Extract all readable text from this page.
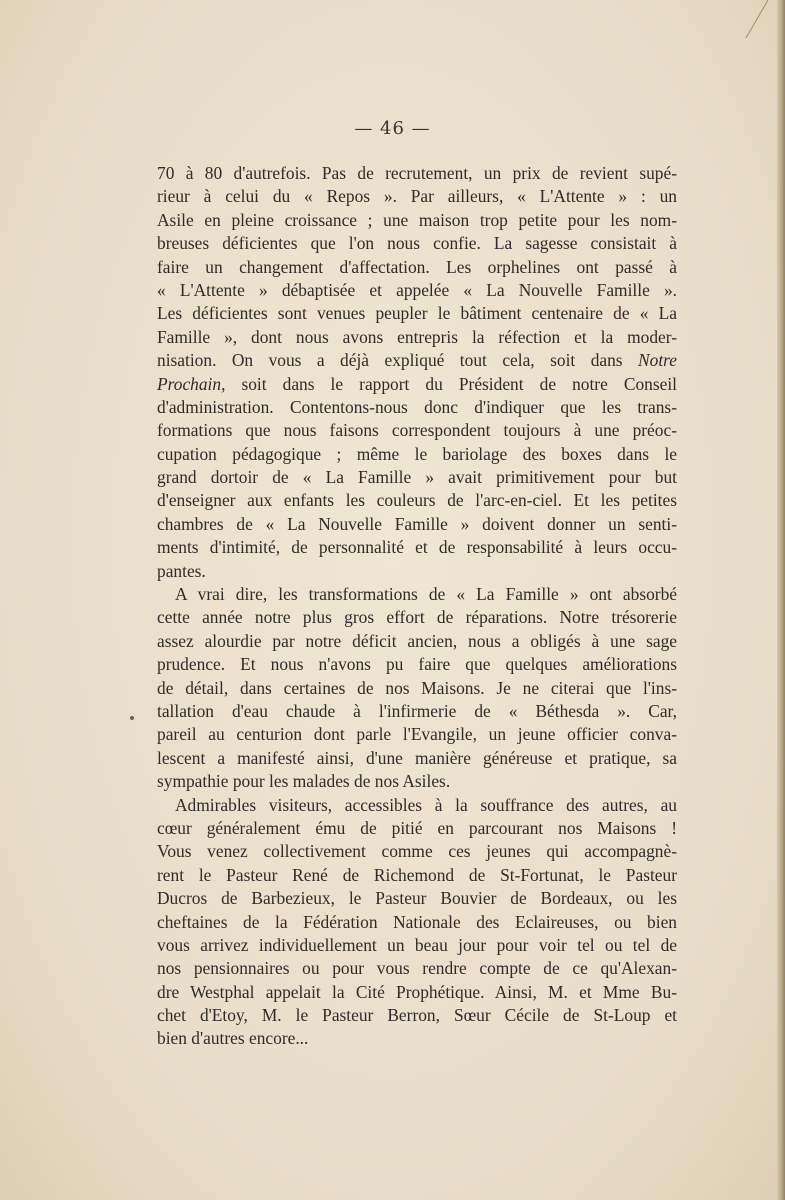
— 46 —
70 à 80 d'autrefois. Pas de recrutement, un prix de revient supé-
rieur à celui du « Repos ». Par ailleurs, « L'Attente » : un
Asile en pleine croissance ; une maison trop petite pour les nom-
breuses déficientes que l'on nous confie. La sagesse consistait à
faire un changement d'affectation. Les orphelines ont passé à
« L'Attente » débaptisée et appelée « La Nouvelle Famille ».
Les déficientes sont venues peupler le bâtiment centenaire de « La
Famille », dont nous avons entrepris la réfection et la moder-
nisation. On vous a déjà expliqué tout cela, soit dans Notre
Prochain, soit dans le rapport du Président de notre Conseil
d'administration. Contentons-nous donc d'indiquer que les trans-
formations que nous faisons correspondent toujours à une préoc-
cupation pédagogique ; même le bariolage des boxes dans le
grand dortoir de « La Famille » avait primitivement pour but
d'enseigner aux enfants les couleurs de l'arc-en-ciel. Et les petites
chambres de « La Nouvelle Famille » doivent donner un senti-
ments d'intimité, de personnalité et de responsabilité à leurs occu-
pantes.
A vrai dire, les transformations de « La Famille » ont absorbé
cette année notre plus gros effort de réparations. Notre trésorerie
assez alourdie par notre déficit ancien, nous a obligés à une sage
prudence. Et nous n'avons pu faire que quelques améliorations
de détail, dans certaines de nos Maisons. Je ne citerai que l'ins-
tallation d'eau chaude à l'infirmerie de « Béthesda ». Car,
pareil au centurion dont parle l'Evangile, un jeune officier conva-
lescent a manifesté ainsi, d'une manière généreuse et pratique, sa
sympathie pour les malades de nos Asiles.
Admirables visiteurs, accessibles à la souffrance des autres, au
cœur généralement ému de pitié en parcourant nos Maisons !
Vous venez collectivement comme ces jeunes qui accompagnè-
rent le Pasteur René de Richemond de St-Fortunat, le Pasteur
Ducros de Barbezieux, le Pasteur Bouvier de Bordeaux, ou les
cheftaines de la Fédération Nationale des Eclaireuses, ou bien
vous arrivez individuellement un beau jour pour voir tel ou tel de
nos pensionnaires ou pour vous rendre compte de ce qu'Alexan-
dre Westphal appelait la Cité Prophétique. Ainsi, M. et Mme Bu-
chet d'Etoy, M. le Pasteur Berron, Sœur Cécile de St-Loup et
bien d'autres encore...
